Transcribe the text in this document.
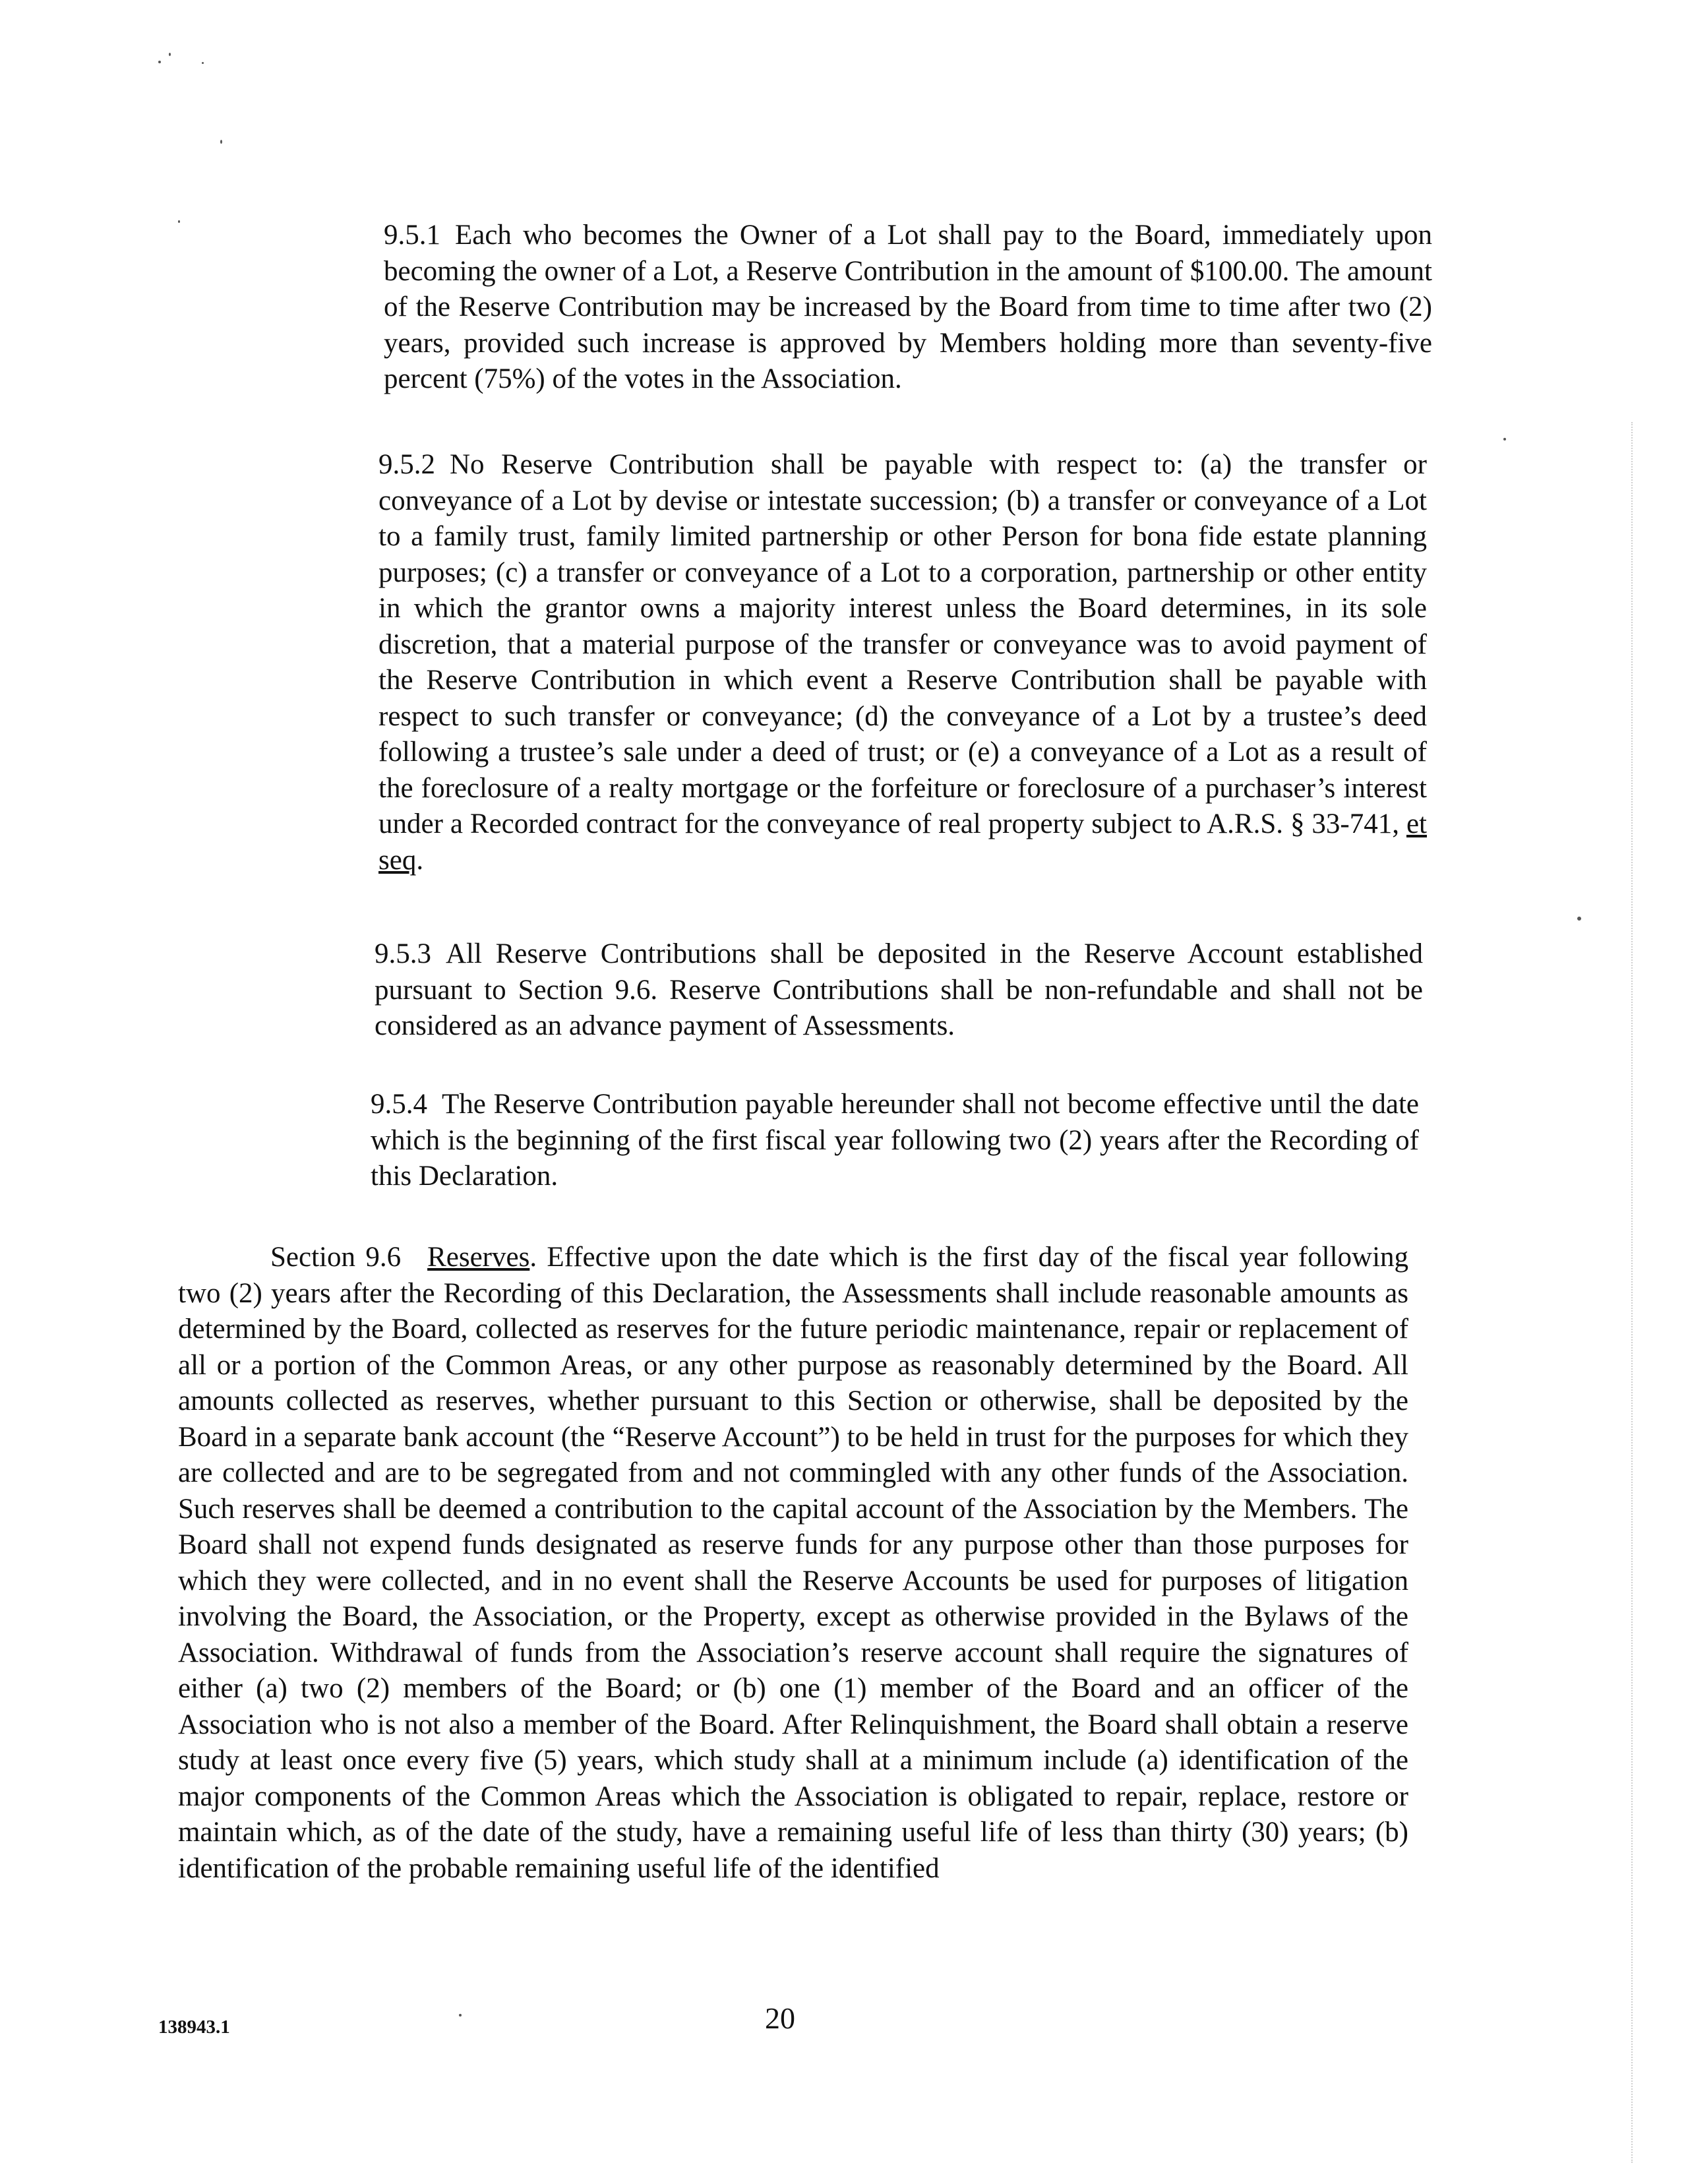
9.5.1 Each who becomes the Owner of a Lot shall pay to the Board, immediately upon becoming the owner of a Lot, a Reserve Contribution in the amount of $100.00. The amount of the Reserve Contribution may be increased by the Board from time to time after two (2) years, provided such increase is approved by Members holding more than seventy-five percent (75%) of the votes in the Association.

9.5.2 No Reserve Contribution shall be payable with respect to: (a) the transfer or conveyance of a Lot by devise or intestate succession; (b) a transfer or conveyance of a Lot to a family trust, family limited partnership or other Person for bona fide estate planning purposes; (c) a transfer or conveyance of a Lot to a corporation, partnership or other entity in which the grantor owns a majority interest unless the Board determines, in its sole discretion, that a material purpose of the transfer or conveyance was to avoid payment of the Reserve Contribution in which event a Reserve Contribution shall be payable with respect to such transfer or conveyance; (d) the conveyance of a Lot by a trustee’s deed following a trustee’s sale under a deed of trust; or (e) a conveyance of a Lot as a result of the foreclosure of a realty mortgage or the forfeiture or foreclosure of a purchaser’s interest under a Recorded contract for the conveyance of real property subject to A.R.S. § 33-741, et seq.

9.5.3 All Reserve Contributions shall be deposited in the Reserve Account established pursuant to Section 9.6. Reserve Contributions shall be non-refundable and shall not be considered as an advance payment of Assessments.

9.5.4 The Reserve Contribution payable hereunder shall not become effective until the date which is the beginning of the first fiscal year following two (2) years after the Recording of this Declaration.

Section 9.6 Reserves. Effective upon the date which is the first day of the fiscal year following two (2) years after the Recording of this Declaration, the Assessments shall include reasonable amounts as determined by the Board, collected as reserves for the future periodic maintenance, repair or replacement of all or a portion of the Common Areas, or any other purpose as reasonably determined by the Board. All amounts collected as reserves, whether pursuant to this Section or otherwise, shall be deposited by the Board in a separate bank account (the “Reserve Account”) to be held in trust for the purposes for which they are collected and are to be segregated from and not commingled with any other funds of the Association. Such reserves shall be deemed a contribution to the capital account of the Association by the Members. The Board shall not expend funds designated as reserve funds for any purpose other than those purposes for which they were collected, and in no event shall the Reserve Accounts be used for purposes of litigation involving the Board, the Association, or the Property, except as otherwise provided in the Bylaws of the Association. Withdrawal of funds from the Association’s reserve account shall require the signatures of either (a) two (2) members of the Board; or (b) one (1) member of the Board and an officer of the Association who is not also a member of the Board. After Relinquishment, the Board shall obtain a reserve study at least once every five (5) years, which study shall at a minimum include (a) identification of the major components of the Common Areas which the Association is obligated to repair, replace, restore or maintain which, as of the date of the study, have a remaining useful life of less than thirty (30) years; (b) identification of the probable remaining useful life of the identified

138943.1	20
